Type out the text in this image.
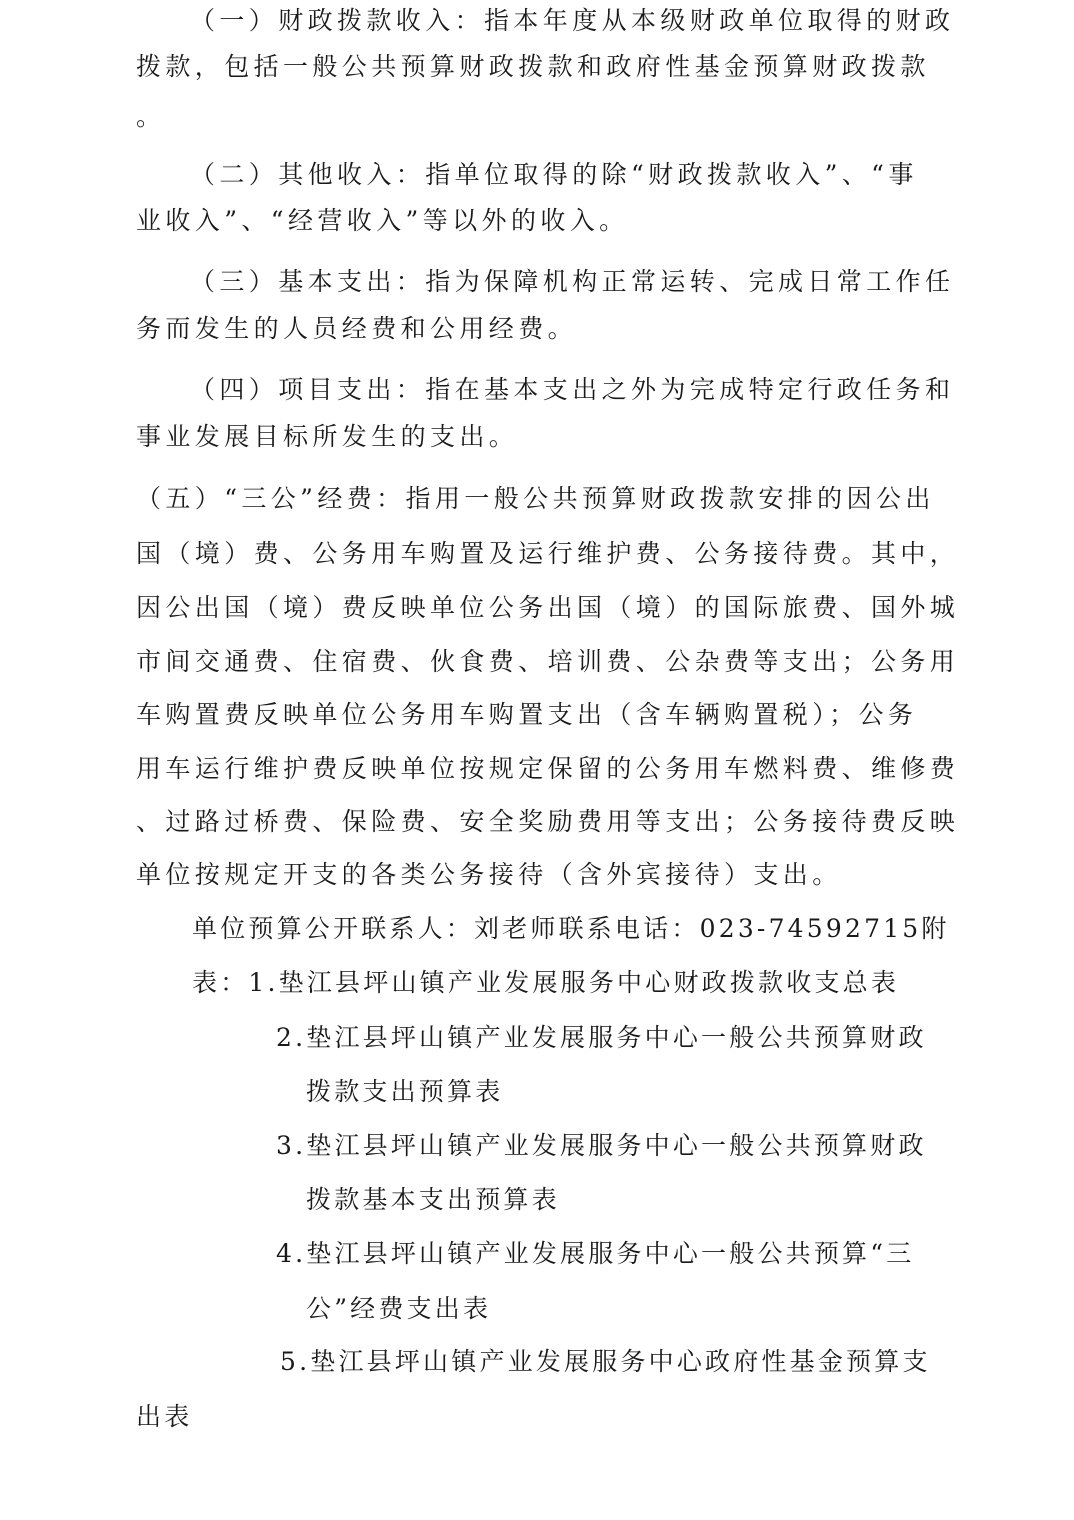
（一）财政拨款收入：指本年度从本级财政单位取得的财政
拨款，包括一般公共预算财政拨款和政府性基金预算财政拨款
。
（二）其他收入：指单位取得的除“财政拨款收入”、“事
业收入”、“经营收入”等以外的收入。
（三）基本支出：指为保障机构正常运转、完成日常工作任
务而发生的人员经费和公用经费。
（四）项目支出：指在基本支出之外为完成特定行政任务和
事业发展目标所发生的支出。
（五）“三公”经费：指用一般公共预算财政拨款安排的因公出
国（境）费、公务用车购置及运行维护费、公务接待费。其中，
因公出国（境）费反映单位公务出国（境）的国际旅费、国外城
市间交通费、住宿费、伙食费、培训费、公杂费等支出；公务用
车购置费反映单位公务用车购置支出（含车辆购置税）；公务
用车运行维护费反映单位按规定保留的公务用车燃料费、维修费
、过路过桥费、保险费、安全奖励费用等支出；公务接待费反映
单位按规定开支的各类公务接待（含外宾接待）支出。
单位预算公开联系人：刘老师联系电话：023-74592715附
表：1.垫江县坪山镇产业发展服务中心财政拨款收支总表
2.垫江县坪山镇产业发展服务中心一般公共预算财政
拨款支出预算表
3.垫江县坪山镇产业发展服务中心一般公共预算财政
拨款基本支出预算表
4.垫江县坪山镇产业发展服务中心一般公共预算“三
公”经费支出表
5.垫江县坪山镇产业发展服务中心政府性基金预算支
出表
